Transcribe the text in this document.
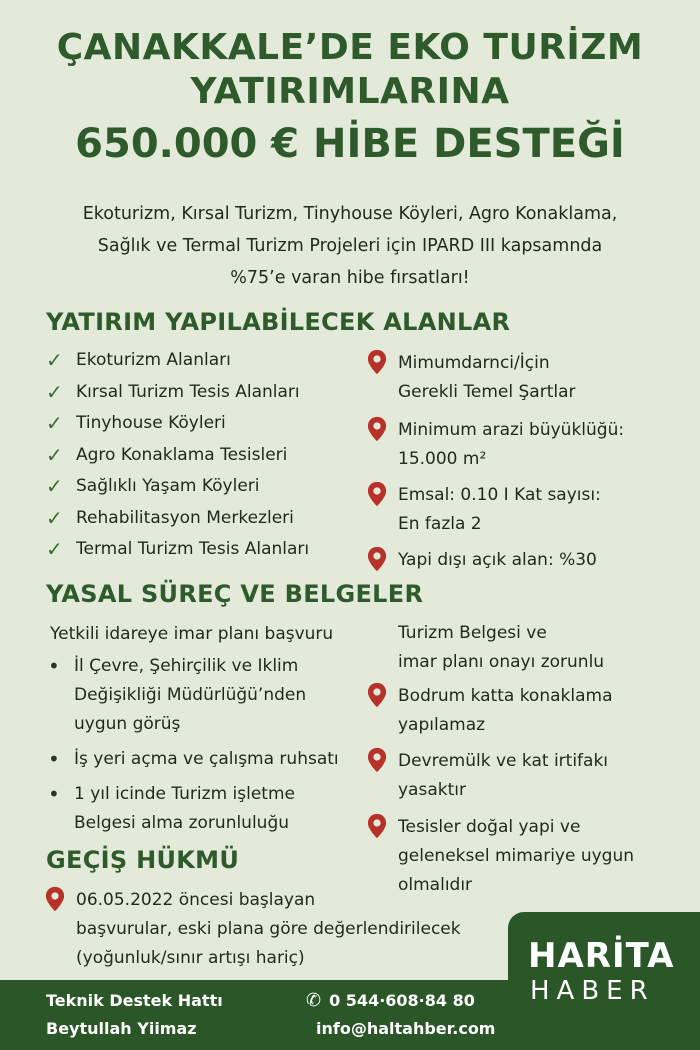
ÇANAKKALE’DE EKO TURİZM
YATIRIMLARINA
650.000 € HİBE DESTEĞİ
Ekoturizm, Kırsal Turizm, Tinyhouse Köyleri, Agro Konaklama,
Sağlık ve Termal Turizm Projeleri için IPARD III kapsamnda
%75’e varan hibe fırsatları!
YATIRIM YAPILABİLECEK ALANLAR
✓ Ekoturizm Alanları
✓ Kırsal Turizm Tesis Alanları
✓ Tinyhouse Köyleri
✓ Agro Konaklama Tesisleri
✓ Sağlıklı Yaşam Köyleri
✓ Rehabilitasyon Merkezleri
✓ Termal Turizm Tesis Alanları
Mimumdarnci/İçin
Gerekli Temel Şartlar
Minimum arazi büyüklüğü:
15.000 m²
Emsal: 0.10 I Kat sayısı:
En fazla 2
Yapi dışı açık alan: %30
YASAL SÜREÇ VE BELGELER
Yetkili idareye imar planı başvuru
• İl Çevre, Şehirçilik ve Iklim
Değişikliği Müdürlüğü’nden
uygun görüş
• İş yeri açma ve çalışma ruhsatı
• 1 yıl icinde Turizm işletme
Belgesi alma zorunluluğu
Turizm Belgesi ve
imar planı onayı zorunlu
Bodrum katta konaklama
yapılamaz
Devremülk ve kat irtifakı
yasaktır
Tesisler doğal yapi ve
geleneksel mimariye uygun
olmalıdır
GEÇİŞ HÜKMÜ
06.05.2022 öncesi başlayan
başvurular, eski plana göre değerlendirilecek
(yoğunluk/sınır artışı hariç)
Teknik Destek Hattı
Beytullah Yiimaz
✆ 0 544·608·84 80
info@haltahber.com
HARİTA
HABER
